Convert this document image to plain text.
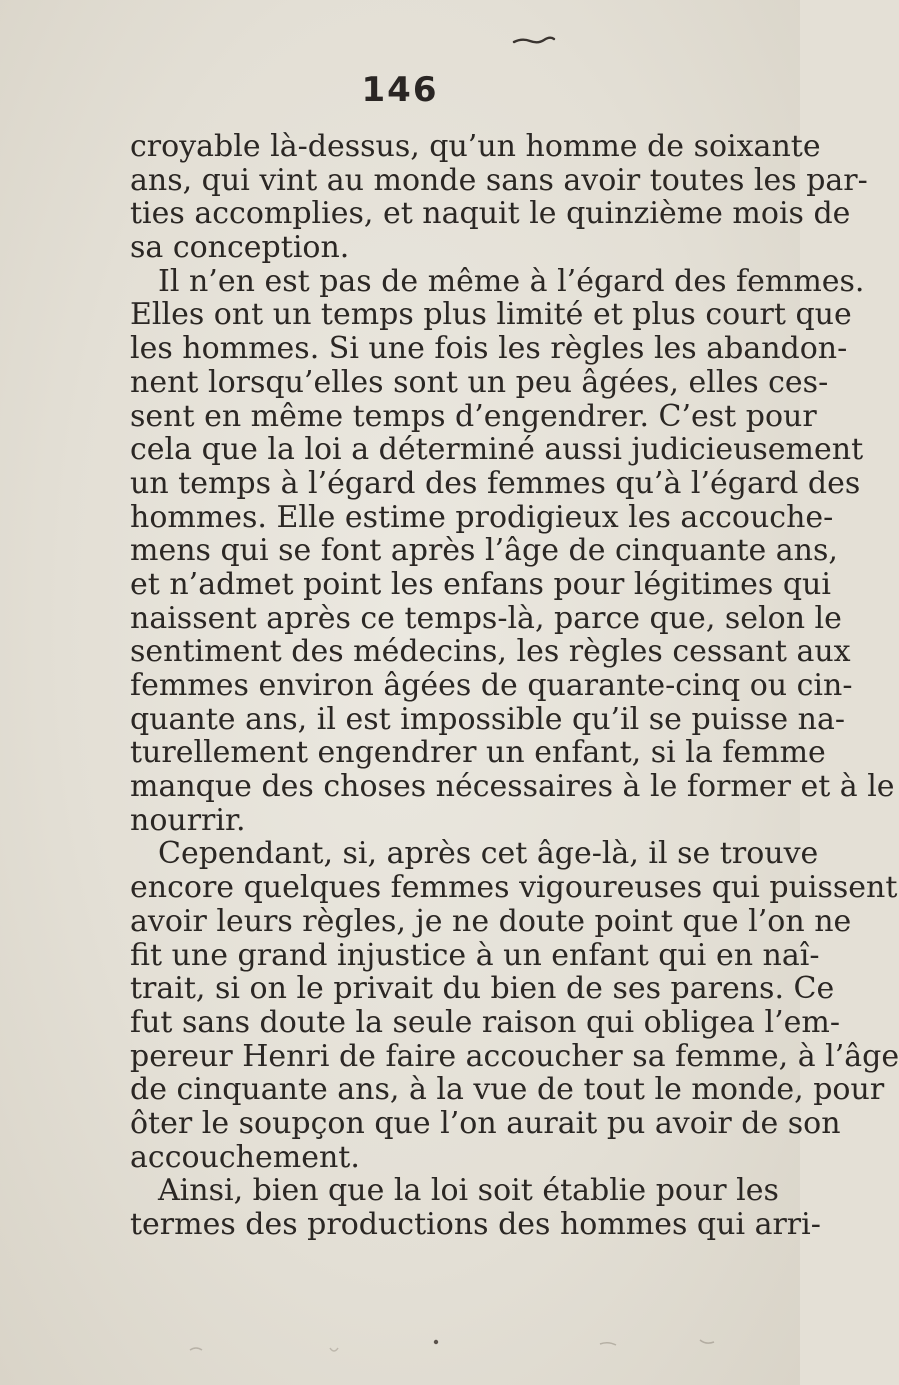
146
croyable là-dessus, qu’un homme de soixante
ans, qui vint au monde sans avoir toutes les par-
ties accomplies, et naquit le quinzième mois de
sa conception.
Il n’en est pas de même à l’égard des femmes.
Elles ont un temps plus limité et plus court que
les hommes. Si une fois les règles les abandon-
nent lorsqu’elles sont un peu âgées, elles ces-
sent en même temps d’engendrer. C’est pour
cela que la loi a déterminé aussi judicieusement
un temps à l’égard des femmes qu’à l’égard des
hommes. Elle estime prodigieux les accouche-
mens qui se font après l’âge de cinquante ans,
et n’admet point les enfans pour légitimes qui
naissent après ce temps-là, parce que, selon le
sentiment des médecins, les règles cessant aux
femmes environ âgées de quarante-cinq ou cin-
quante ans, il est impossible qu’il se puisse na-
turellement engendrer un enfant, si la femme
manque des choses nécessaires à le former et à le
nourrir.
Cependant, si, après cet âge-là, il se trouve
encore quelques femmes vigoureuses qui puissent
avoir leurs règles, je ne doute point que l’on ne
fit une grand injustice à un enfant qui en naî-
trait, si on le privait du bien de ses parens. Ce
fut sans doute la seule raison qui obligea l’em-
pereur Henri de faire accoucher sa femme, à l’âge
de cinquante ans, à la vue de tout le monde, pour
ôter le soupçon que l’on aurait pu avoir de son
accouchement.
Ainsi, bien que la loi soit établie pour les
termes des productions des hommes qui arri-
